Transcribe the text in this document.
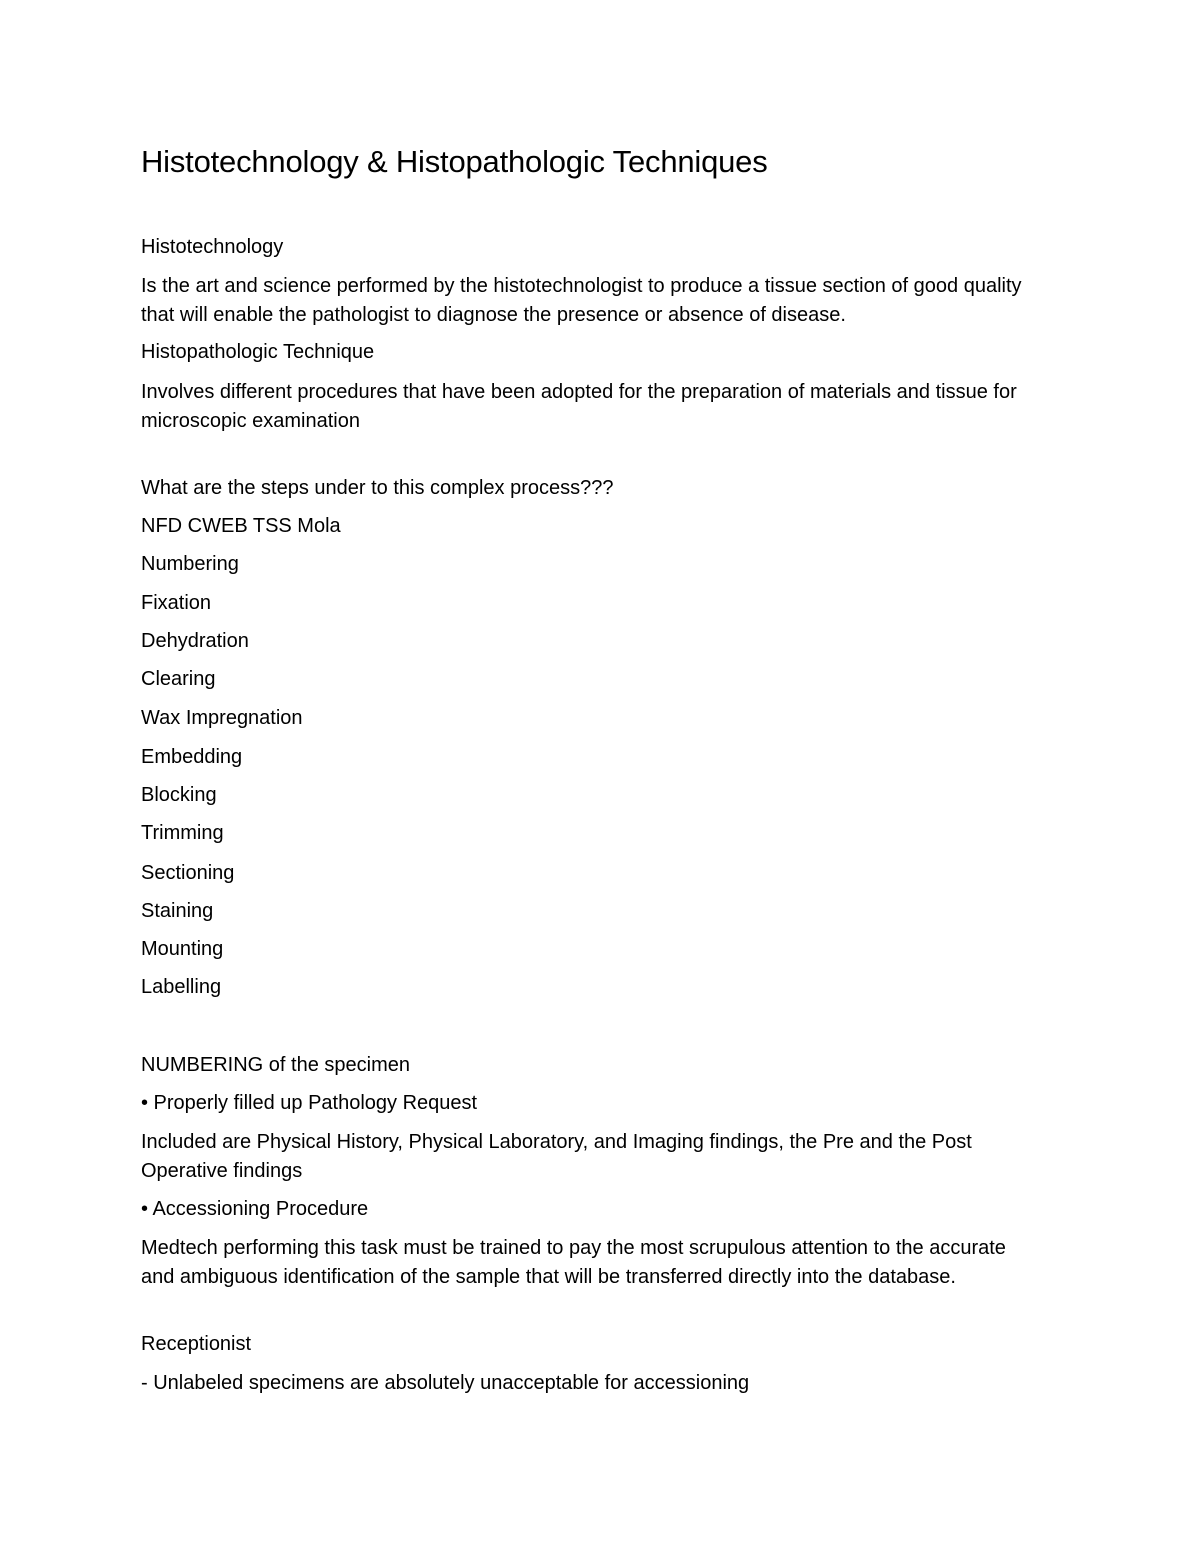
Histotechnology & Histopathologic Techniques

Histotechnology

Is the art and science performed by the histotechnologist to produce a tissue section of good quality that will enable the pathologist to diagnose the presence or absence of disease.

Histopathologic Technique

Involves different procedures that have been adopted for the preparation of materials and tissue for microscopic examination

What are the steps under to this complex process???

NFD CWEB TSS Mola

Numbering

Fixation

Dehydration

Clearing

Wax Impregnation

Embedding

Blocking

Trimming

Sectioning

Staining

Mounting

Labelling

NUMBERING of the specimen

• Properly filled up Pathology Request

Included are Physical History, Physical Laboratory, and Imaging findings, the Pre and the Post Operative findings

• Accessioning Procedure

Medtech performing this task must be trained to pay the most scrupulous attention to the accurate and ambiguous identification of the sample that will be transferred directly into the database.

Receptionist

- Unlabeled specimens are absolutely unacceptable for accessioning
